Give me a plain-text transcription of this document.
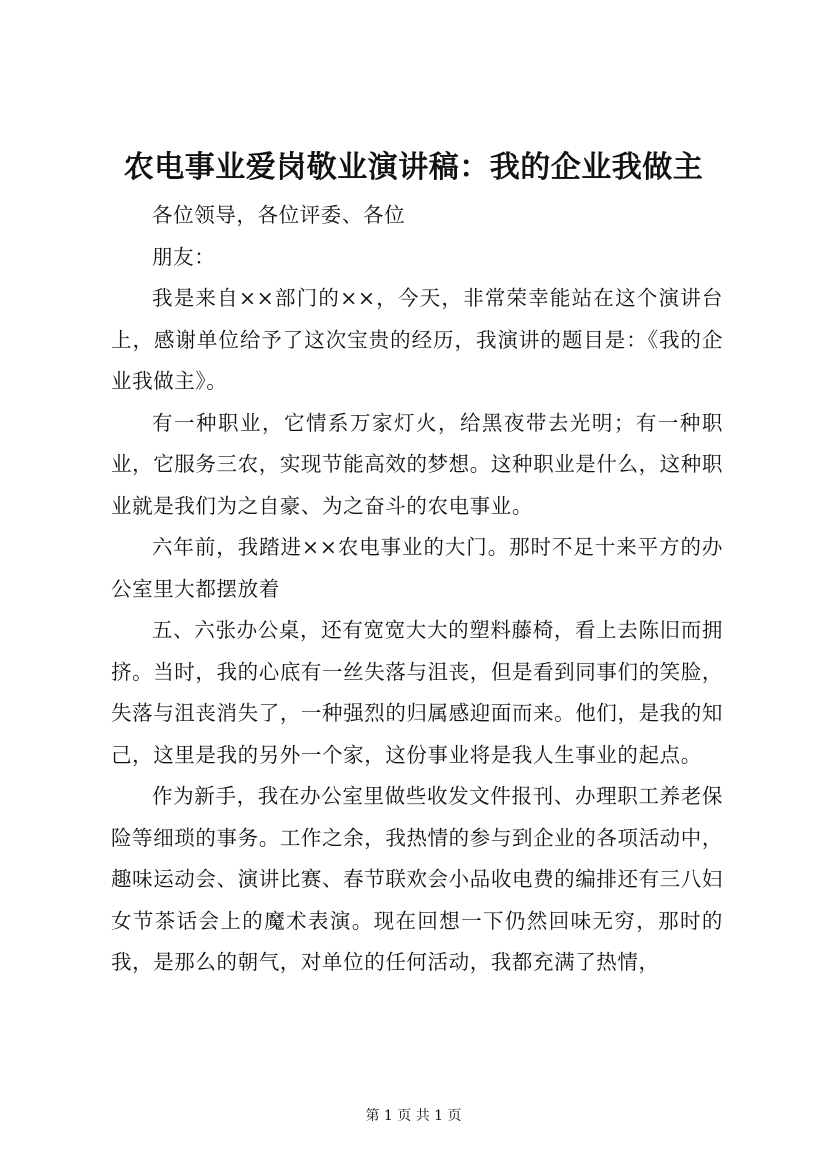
农电事业爱岗敬业演讲稿：我的企业我做主

各位领导，各位评委、各位

朋友：

我是来自××部门的××，今天，非常荣幸能站在这个演讲台上，感谢单位给予了这次宝贵的经历，我演讲的题目是：《我的企业我做主》。

有一种职业，它情系万家灯火，给黑夜带去光明；有一种职业，它服务三农，实现节能高效的梦想。这种职业是什么，这种职业就是我们为之自豪、为之奋斗的农电事业。

六年前，我踏进××农电事业的大门。那时不足十来平方的办公室里大都摆放着

五、六张办公桌，还有宽宽大大的塑料藤椅，看上去陈旧而拥挤。当时，我的心底有一丝失落与沮丧，但是看到同事们的笑脸，失落与沮丧消失了，一种强烈的归属感迎面而来。他们，是我的知己，这里是我的另外一个家，这份事业将是我人生事业的起点。

作为新手，我在办公室里做些收发文件报刊、办理职工养老保险等细琐的事务。工作之余，我热情的参与到企业的各项活动中，趣味运动会、演讲比赛、春节联欢会小品收电费的编排还有三八妇女节茶话会上的魔术表演。现在回想一下仍然回味无穷，那时的我，是那么的朝气，对单位的任何活动，我都充满了热情，

第 1 页 共 1 页
